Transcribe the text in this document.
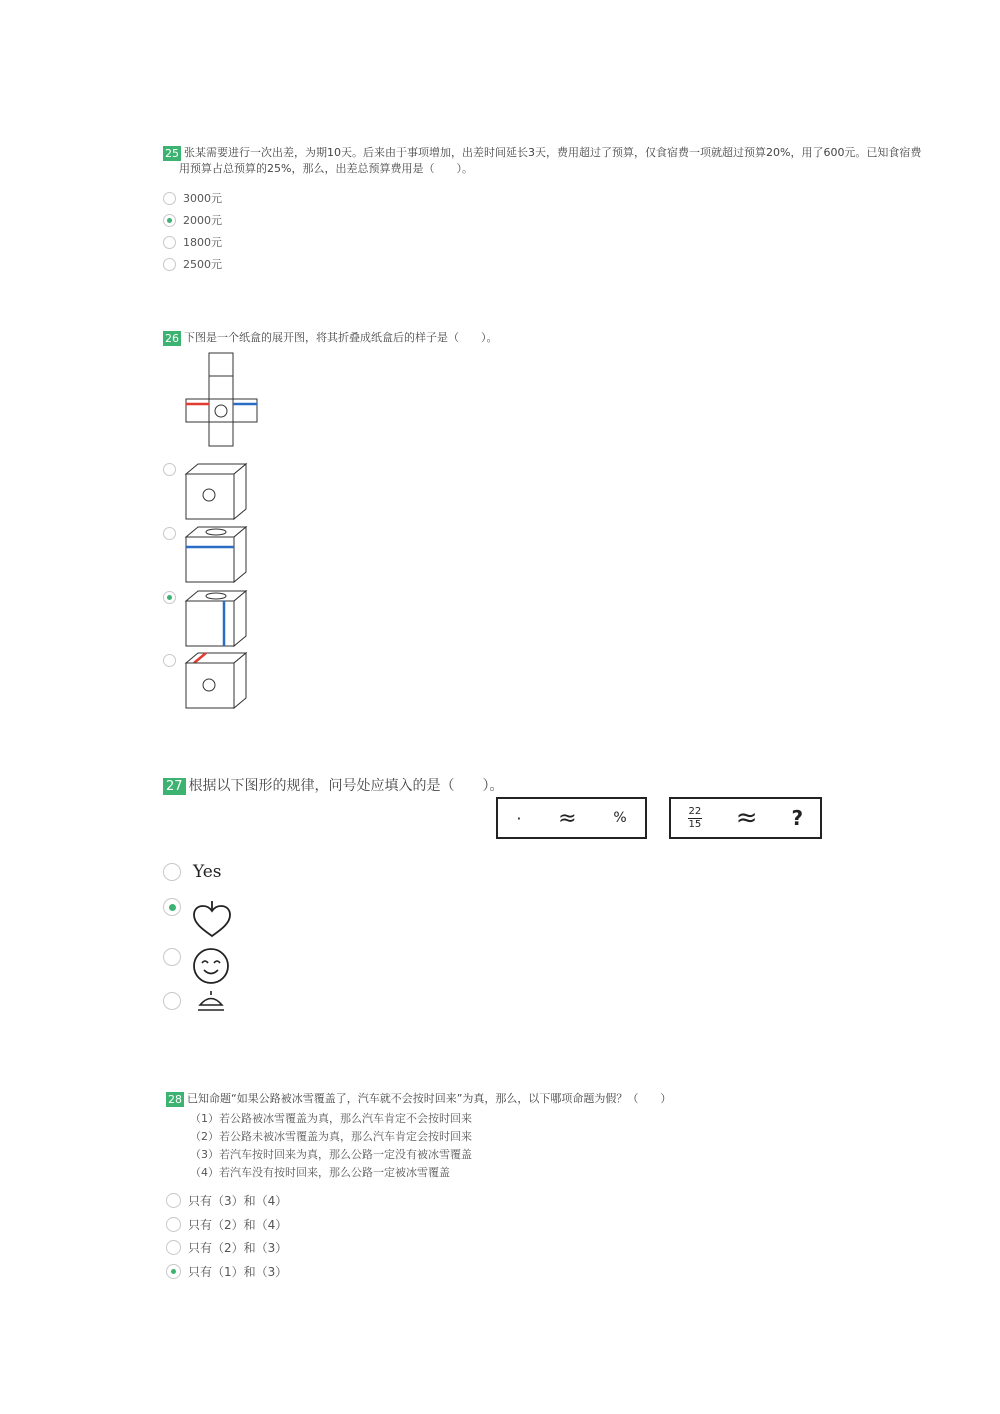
25 张某需要进行一次出差，为期10天。后来由于事项增加，出差时间延长3天，费用超过了预算，仅食宿费一项就超过预算20%，用了600元。已知食宿费
用预算占总预算的25%，那么，出差总预算费用是（　　）。
3000元
2000元
1800元
2500元
26 下图是一个纸盒的展开图，将其折叠成纸盒后的样子是（　　）。
27 根据以下图形的规律，问号处应填入的是（　　）。
· ≈	%	$\frac{22}{15}$ ≈ ?
Yes
28 已知命题“如果公路被冰雪覆盖了，汽车就不会按时回来”为真，那么，以下哪项命题为假？（　　）
（1）若公路被冰雪覆盖为真，那么汽车肯定不会按时回来
（2）若公路未被冰雪覆盖为真，那么汽车肯定会按时回来
（3）若汽车按时回来为真，那么公路一定没有被冰雪覆盖
（4）若汽车没有按时回来，那么公路一定被冰雪覆盖
只有（3）和（4）
只有（2）和（4）
只有（2）和（3）
只有（1）和（3）
